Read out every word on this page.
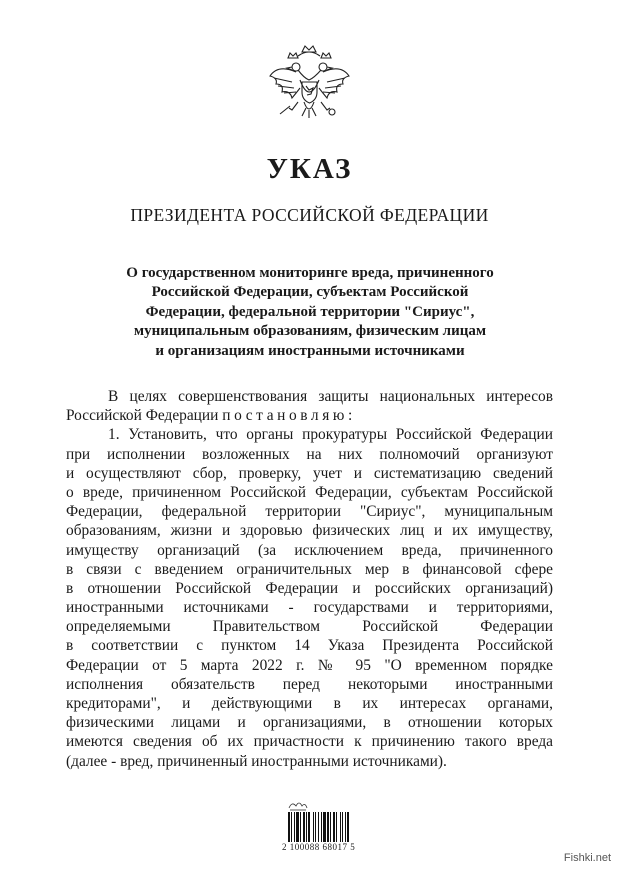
УКАЗ
ПРЕЗИДЕНТА РОССИЙСКОЙ ФЕДЕРАЦИИ
О государственном мониторинге вреда, причиненного
Российской Федерации, субъектам Российской
Федерации, федеральной территории "Сириус",
муниципальным образованиям, физическим лицам
и организациям иностранными источниками
В целях совершенствования защиты национальных интересов
Российской Федерации постановляю:
1. Установить, что органы прокуратуры Российской Федерации
при исполнении возложенных на них полномочий организуют
и осуществляют сбор, проверку, учет и систематизацию сведений
о вреде, причиненном Российской Федерации, субъектам Российской
Федерации, федеральной территории "Сириус", муниципальным
образованиям, жизни и здоровью физических лиц и их имуществу,
имуществу организаций (за исключением вреда, причиненного
в связи с введением ограничительных мер в финансовой сфере
в отношении Российской Федерации и российских организаций)
иностранными источниками - государствами и территориями,
определяемыми Правительством Российской Федерации
в соответствии с пунктом 14 Указа Президента Российской
Федерации от 5 марта 2022 г. № 95 "О временном порядке
исполнения обязательств перед некоторыми иностранными
кредиторами", и действующими в их интересах органами,
физическими лицами и организациями, в отношении которых
имеются сведения об их причастности к причинению такого вреда
(далее - вред, причиненный иностранными источниками).
2 100088 68017 5
Fishki.net
